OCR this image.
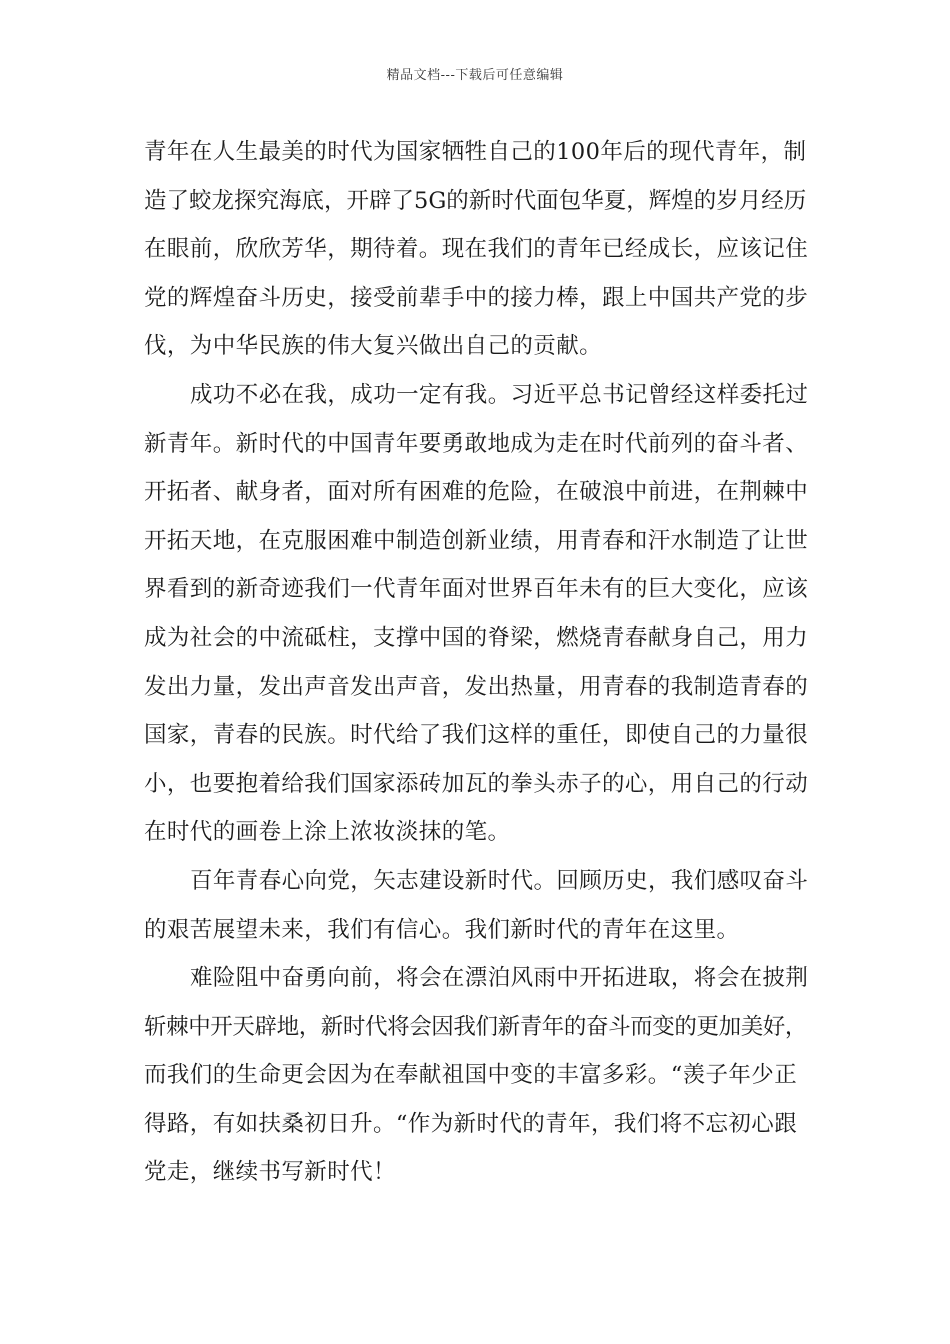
精品文档---下载后可任意编辑
青年在人生最美的时代为国家牺牲自己的100年后的现代青年，制
造了蛟龙探究海底，开辟了5G的新时代面包华夏，辉煌的岁月经历
在眼前，欣欣芳华，期待着。现在我们的青年已经成长，应该记住
党的辉煌奋斗历史，接受前辈手中的接力棒，跟上中国共产党的步
伐，为中华民族的伟大复兴做出自己的贡献。
成功不必在我，成功一定有我。习近平总书记曾经这样委托过
新青年。新时代的中国青年要勇敢地成为走在时代前列的奋斗者、
开拓者、献身者，面对所有困难的危险，在破浪中前进，在荆棘中
开拓天地，在克服困难中制造创新业绩，用青春和汗水制造了让世
界看到的新奇迹我们一代青年面对世界百年未有的巨大变化，应该
成为社会的中流砥柱，支撑中国的脊梁，燃烧青春献身自己，用力
发出力量，发出声音发出声音，发出热量，用青春的我制造青春的
国家，青春的民族。时代给了我们这样的重任，即使自己的力量很
小，也要抱着给我们国家添砖加瓦的拳头赤子的心，用自己的行动
在时代的画卷上涂上浓妆淡抹的笔。
百年青春心向党，矢志建设新时代。回顾历史，我们感叹奋斗
的艰苦展望未来，我们有信心。我们新时代的青年在这里。
难险阻中奋勇向前，将会在漂泊风雨中开拓进取，将会在披荆
斩棘中开天辟地，新时代将会因我们新青年的奋斗而变的更加美好，
而我们的生命更会因为在奉献祖国中变的丰富多彩。“羡子年少正
得路，有如扶桑初日升。“作为新时代的青年，我们将不忘初心跟
党走，继续书写新时代！
